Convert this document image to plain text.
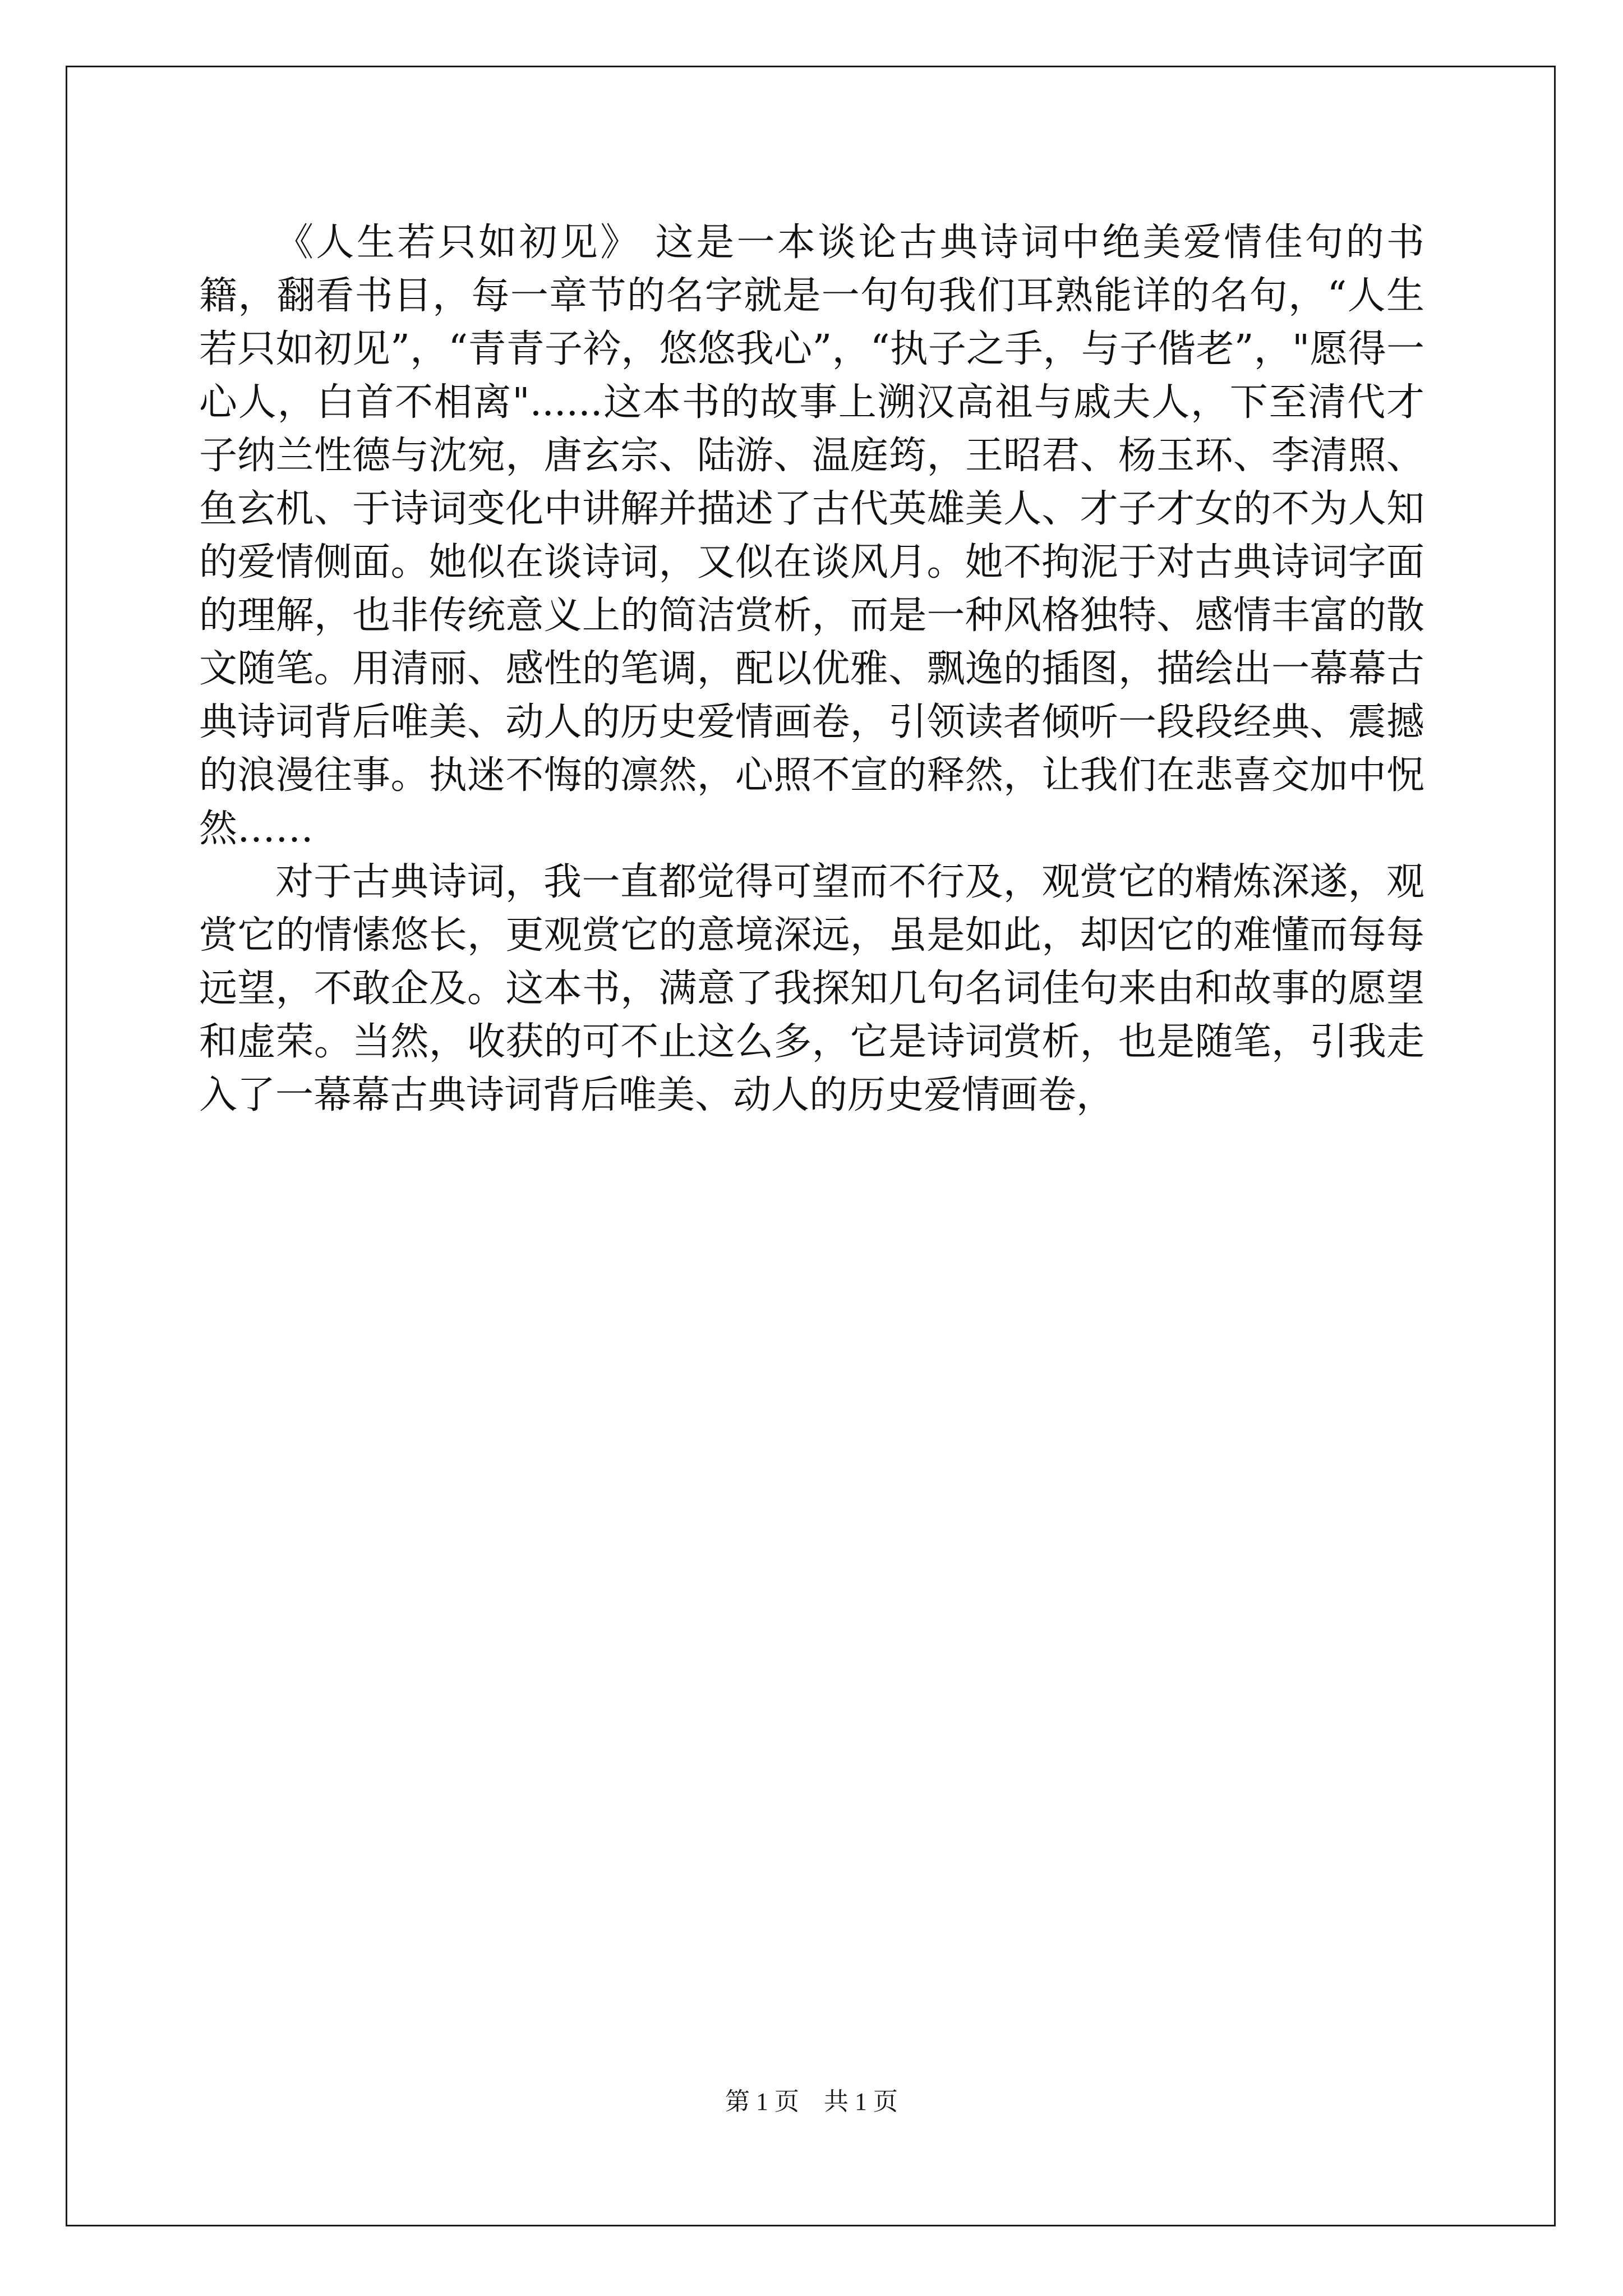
《人生若只如初见》 这是一本谈论古典诗词中绝美爱情佳句的书籍，翻看书目，每一章节的名字就是一句句我们耳熟能详的名句，“人生若只如初见”，“青青子衿，悠悠我心”，“执子之手，与子偕老”，"愿得一心人，白首不相离"......这本书的故事上溯汉高祖与戚夫人，下至清代才子纳兰性德与沈宛，唐玄宗、陆游、温庭筠，王昭君、杨玉环、李清照、鱼玄机、于诗词变化中讲解并描述了古代英雄美人、才子才女的不为人知的爱情侧面。她似在谈诗词，又似在谈风月。她不拘泥于对古典诗词字面的理解，也非传统意义上的简洁赏析，而是一种风格独特、感情丰富的散文随笔。用清丽、感性的笔调，配以优雅、飘逸的插图，描绘出一幕幕古典诗词背后唯美、动人的历史爱情画卷，引领读者倾听一段段经典、震撼的浪漫往事。执迷不悔的凛然，心照不宣的释然，让我们在悲喜交加中怳然……

对于古典诗词，我一直都觉得可望而不行及，观赏它的精炼深遂，观赏它的情愫悠长，更观赏它的意境深远，虽是如此，却因它的难懂而每每远望，不敢企及。这本书，满意了我探知几句名词佳句来由和故事的愿望和虚荣。当然，收获的可不止这么多，它是诗词赏析，也是随笔，引我走入了一幕幕古典诗词背后唯美、动人的历史爱情画卷，

第 1 页　共 1 页
